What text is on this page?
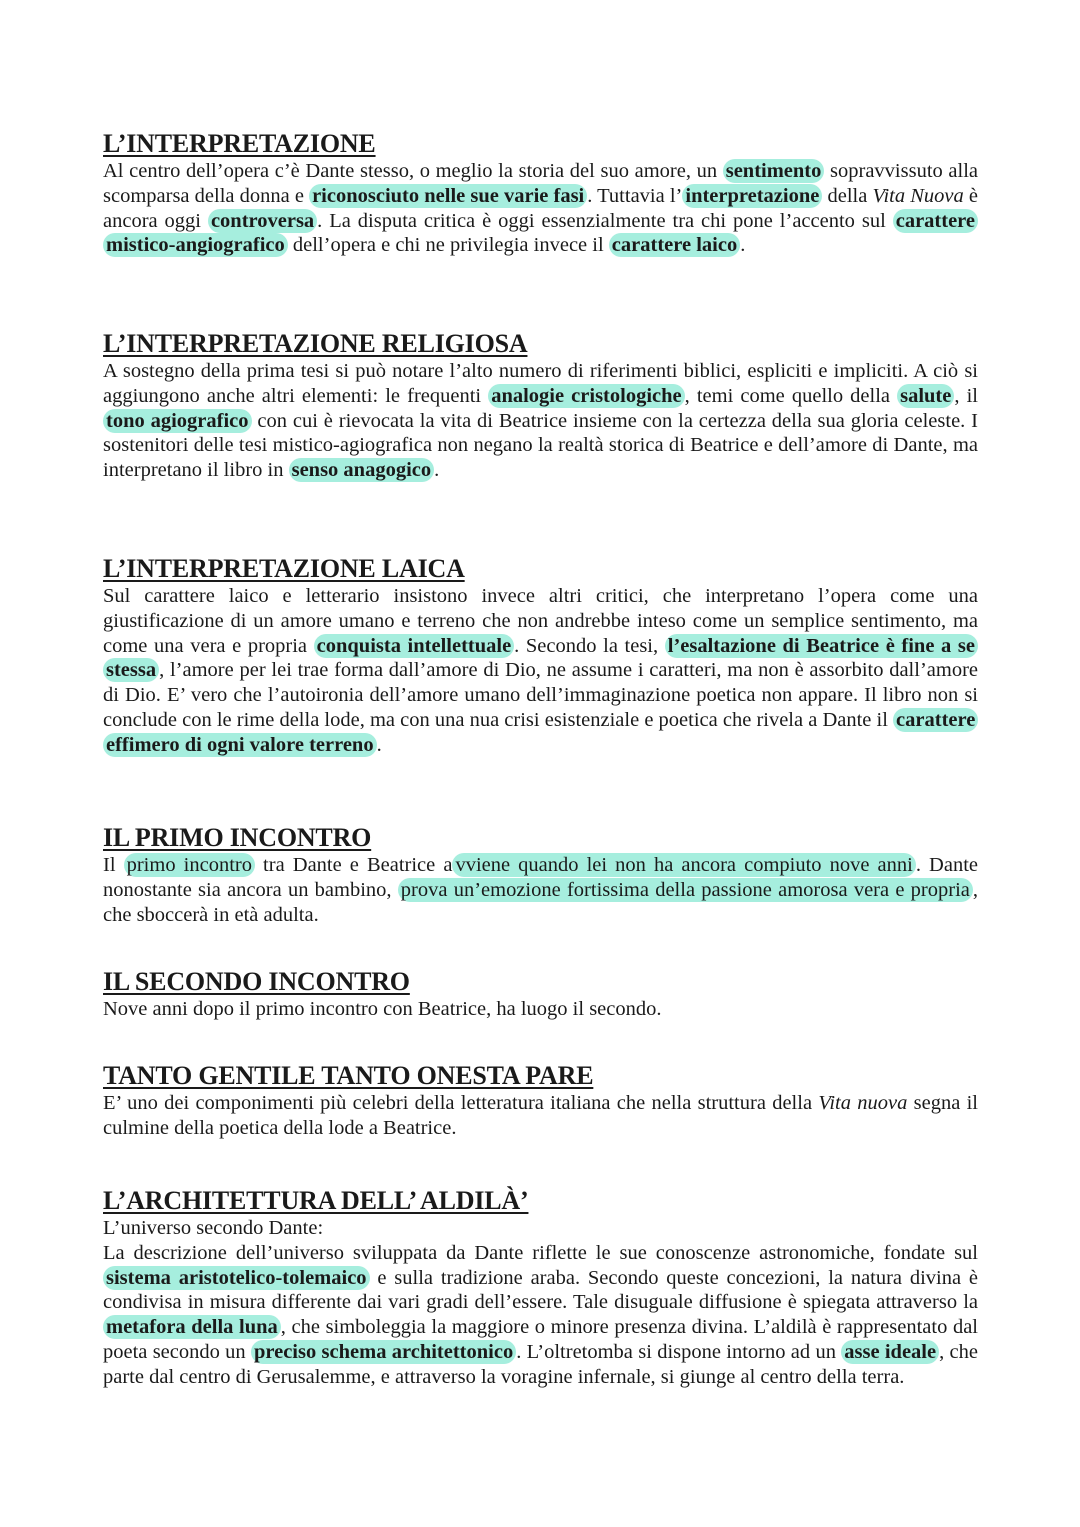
L’INTERPRETAZIONE

Al centro dell’opera c’è Dante stesso, o meglio la storia del suo amore, un sentimento sopravvissuto alla scomparsa della donna e riconosciuto nelle sue varie fasi . Tuttavia l’ interpretazione della Vita Nuova è ancora oggi controversa . La disputa critica è oggi essenzialmente tra chi pone l’accento sul carattere mistico-angiografico dell’opera e chi ne privilegia invece il carattere laico .

L’INTERPRETAZIONE RELIGIOSA

A sostegno della prima tesi si può notare l’alto numero di riferimenti biblici, espliciti e impliciti. A ciò si aggiungono anche altri elementi: le frequenti analogie cristologiche , temi come quello della salute , il tono agiografico con cui è rievocata la vita di Beatrice insieme con la certezza della sua gloria celeste. I sostenitori delle tesi mistico-agiografica non negano la realtà storica di Beatrice e dell’amore di Dante, ma interpretano il libro in senso anagogico .

L’INTERPRETAZIONE LAICA

Sul carattere laico e letterario insistono invece altri critici, che interpretano l’opera come una giustificazione di un amore umano e terreno che non andrebbe inteso come un semplice sentimento, ma come una vera e propria conquista intellettuale . Secondo la tesi, l’esaltazione di Beatrice è fine a se stessa , l’amore per lei trae forma dall’amore di Dio, ne assume i caratteri, ma non è assorbito dall’amore di Dio. E’ vero che l’autoironia dell’amore umano dell’immaginazione poetica non appare. Il libro non si conclude con le rime della lode, ma con una nua crisi esistenziale e poetica che rivela a Dante il carattere effimero di ogni valore terreno .

IL PRIMO INCONTRO

Il primo incontro tra Dante e Beatrice a vviene quando lei non ha ancora compiuto nove anni . Dante nonostante sia ancora un bambino, prova un’emozione fortissima della passione amorosa vera e propria , che sboccerà in età adulta.

IL SECONDO INCONTRO

Nove anni dopo il primo incontro con Beatrice, ha luogo il secondo.

TANTO GENTILE TANTO ONESTA PARE

E’ uno dei componimenti più celebri della letteratura italiana che nella struttura della Vita nuova segna il culmine della poetica della lode a Beatrice.

L’ARCHITETTURA DELL’ ALDILÀ’

L’universo secondo Dante:

La descrizione dell’universo sviluppata da Dante riflette le sue conoscenze astronomiche, fondate sul sistema aristotelico-tolemaico e sulla tradizione araba. Secondo queste concezioni, la natura divina è condivisa in misura differente dai vari gradi dell’essere. Tale disuguale diffusione è spiegata attraverso la metafora della luna , che simboleggia la maggiore o minore presenza divina. L’aldilà è rappresentato dal poeta secondo un preciso schema architettonico . L’oltretomba si dispone intorno ad un asse ideale , che parte dal centro di Gerusalemme, e attraverso la voragine infernale, si giunge al centro della terra.
